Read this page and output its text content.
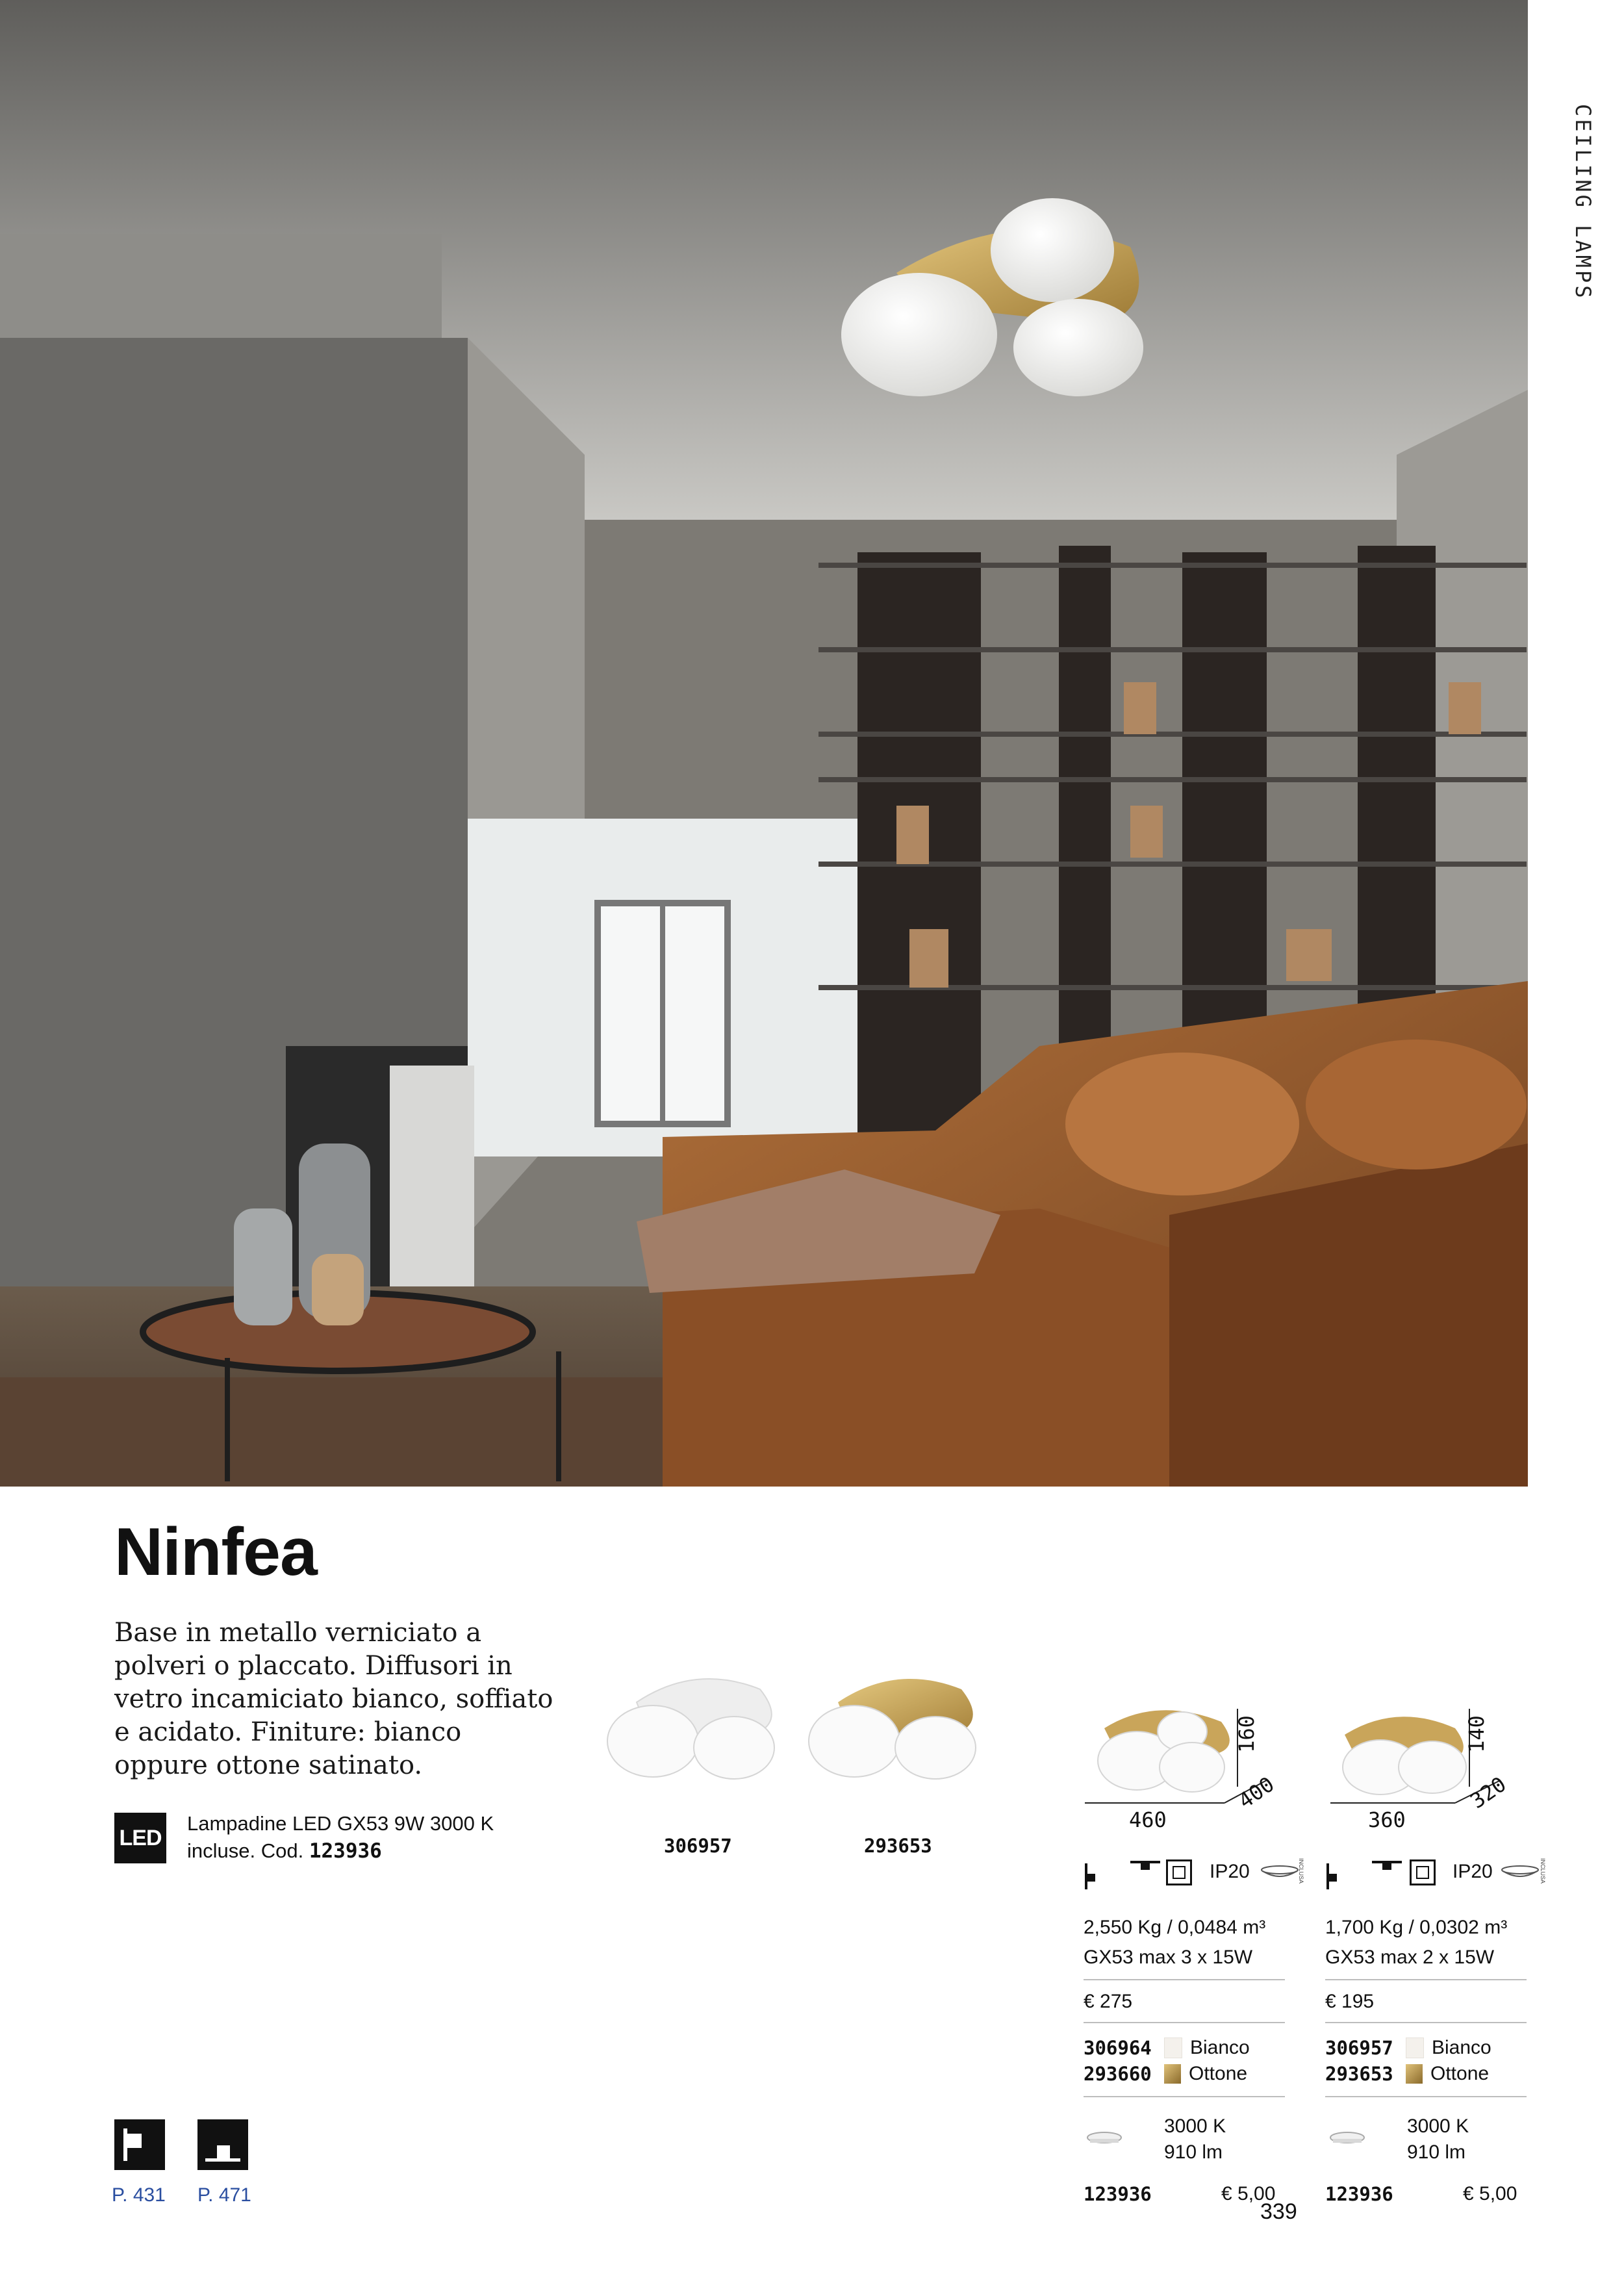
CEILING LAMPS
Ninfea
Base in metallo verniciato a polveri o placcato. Diffusori in vetro incamiciato bianco, soffiato e acidato. Finiture: bianco oppure ottone satinato.
LED
Lampadine LED GX53 9W 3000 K
incluse. Cod. 123936	306957	293653
460
160
400
IP20	INCLUSA
2,550 Kg / 0,0484 m³
GX53 max 3 x 15W
€ 275
306964	Bianco
293660	Ottone
3000 K
910 lm
123936	€ 5,00
360
140
320
IP20	INCLUSA
1,700 Kg / 0,0302 m³
GX53 max 2 x 15W
€ 195
306957	Bianco
293653	Ottone
3000 K
910 lm
123936	€ 5,00
P. 431 P. 471
339
